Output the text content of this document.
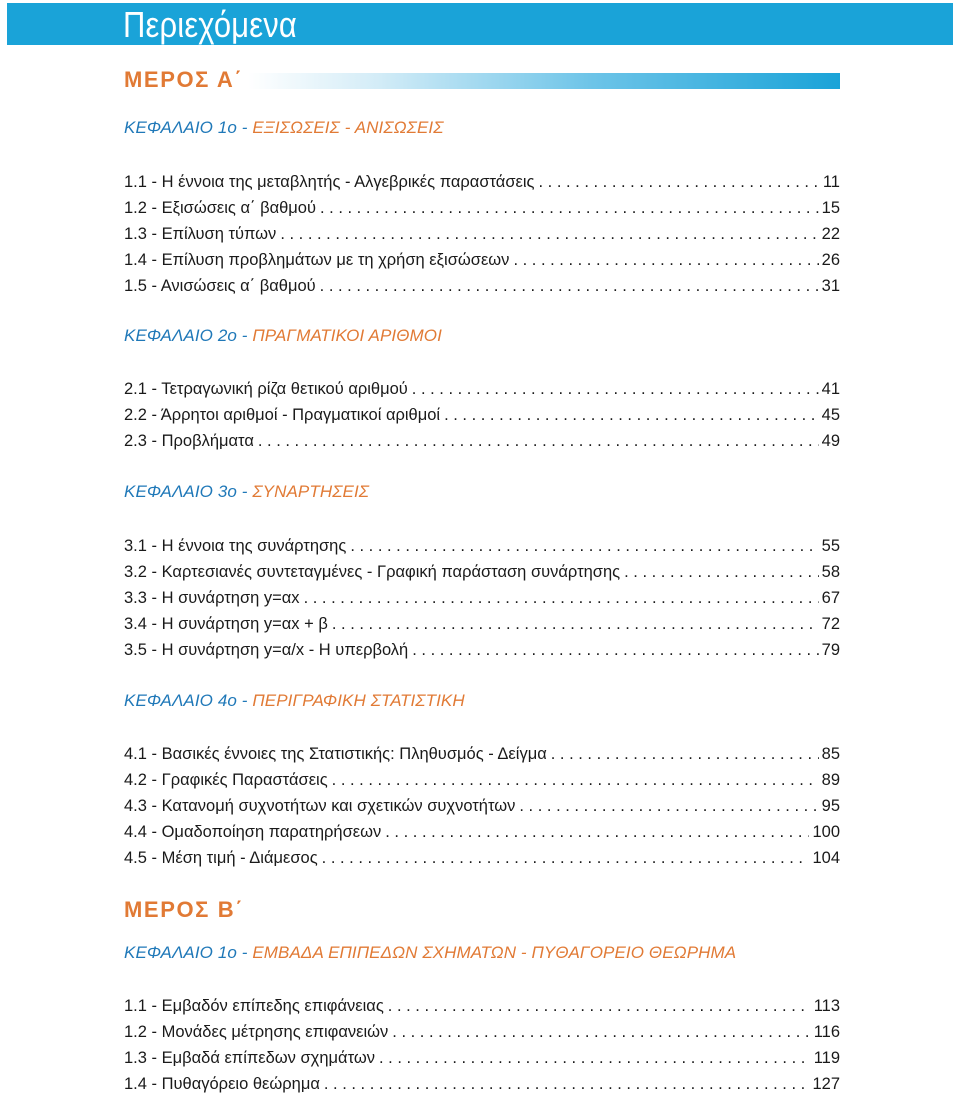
Περιεχόμενα
ΜΕΡΟΣ Α΄
ΚΕΦΑΛΑΙΟ 1ο - ΕΞΙΣΩΣΕΙΣ - ΑΝΙΣΩΣΕΙΣ
1.1 - Η έννοια της μεταβλητής - Αλγεβρικές παραστάσεις . . .	11
1.2 - Εξισώσεις α΄ βαθμού . . .	15
1.3 - Επίλυση τύπων . . .	22
1.4 - Επίλυση προβλημάτων με τη χρήση εξισώσεων . . .	26
1.5 - Ανισώσεις α΄ βαθμού . . .	31
ΚΕΦΑΛΑΙΟ 2ο - ΠΡΑΓΜΑΤΙΚΟΙ ΑΡΙΘΜΟΙ
2.1 - Τετραγωνική ρίζα θετικού αριθμού . . .	41
2.2 - Άρρητοι αριθμοί - Πραγματικοί αριθμοί . . .	45
2.3 - Προβλήματα . . .	49
ΚΕΦΑΛΑΙΟ 3ο - ΣΥΝΑΡΤΗΣΕΙΣ
3.1 - Η έννοια της συνάρτησης . . .	55
3.2 - Καρτεσιανές συντεταγμένες - Γραφική παράσταση συνάρτησης . . .	58
3.3 - Η συνάρτηση y=αx . . .	67
3.4 - Η συνάρτηση y=αx + β . . .	72
3.5 - Η συνάρτηση y=α/x - Η υπερβολή . . .	79
ΚΕΦΑΛΑΙΟ 4ο - ΠΕΡΙΓΡΑΦΙΚΗ ΣΤΑΤΙΣΤΙΚΗ
4.1 - Βασικές έννοιες της Στατιστικής: Πληθυσμός - Δείγμα . . .	85
4.2 - Γραφικές Παραστάσεις . . .	89
4.3 - Κατανομή συχνοτήτων και σχετικών συχνοτήτων . . .	95
4.4 - Ομαδοποίηση παρατηρήσεων . . .	100
4.5 - Μέση τιμή - Διάμεσος . . .	104
ΜΕΡΟΣ Β΄
ΚΕΦΑΛΑΙΟ 1ο - ΕΜΒΑΔΑ ΕΠΙΠΕΔΩΝ ΣΧΗΜΑΤΩΝ - ΠΥΘΑΓΟΡΕΙΟ ΘΕΩΡΗΜΑ
1.1 - Εμβαδόν επίπεδης επιφάνειας . . .	113
1.2 - Μονάδες μέτρησης επιφανειών . . .	116
1.3 - Εμβαδά επίπεδων σχημάτων . . .	119
1.4 - Πυθαγόρειο θεώρημα . . .	127
